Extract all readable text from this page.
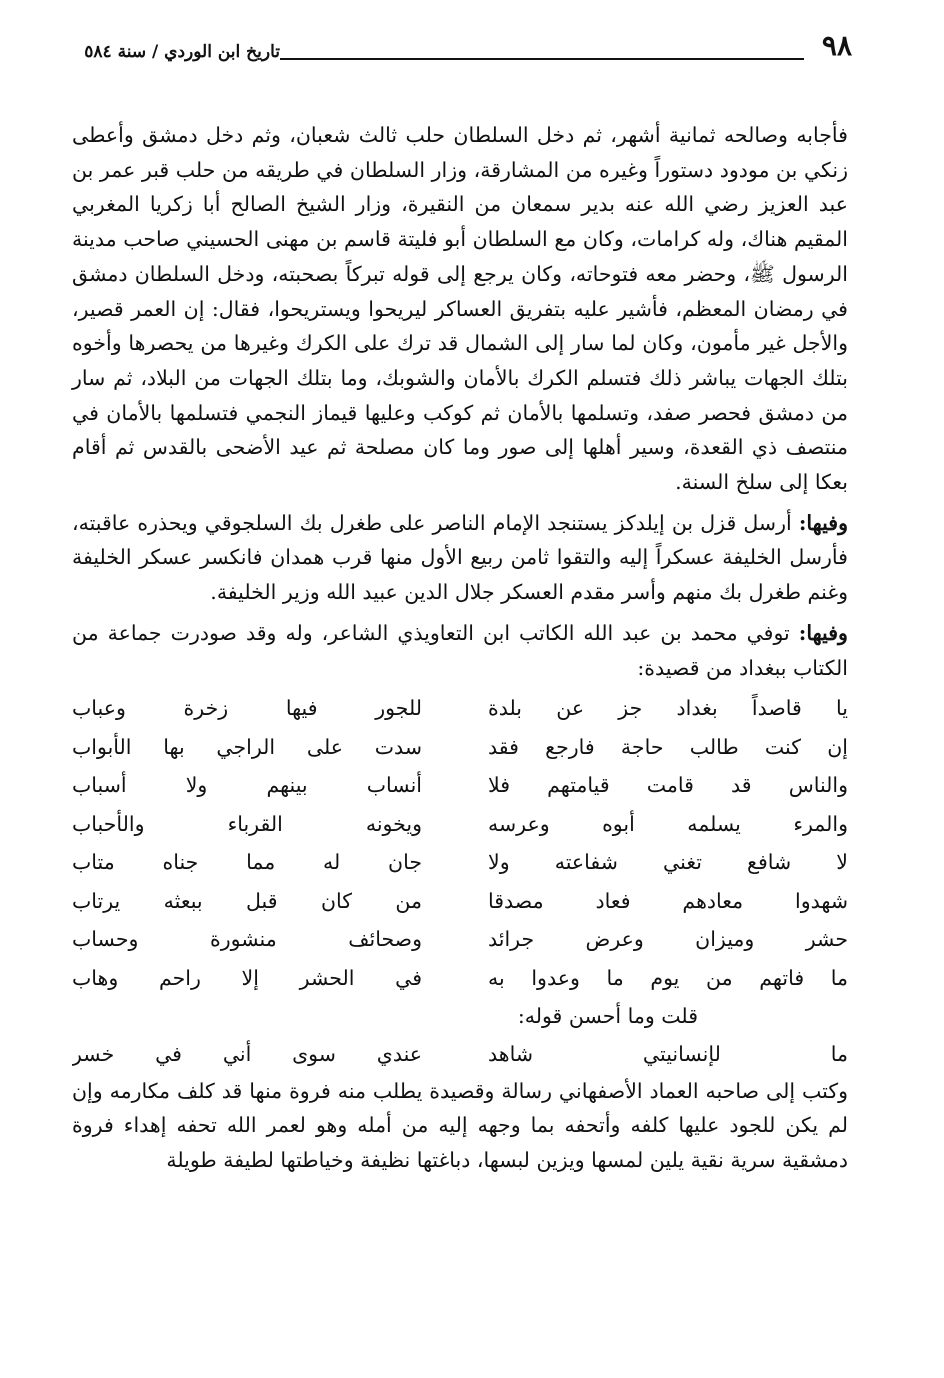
٩٨
تاريخ ابن الوردي / سنة ٥٨٤

فأجابه وصالحه ثمانية أشهر، ثم دخل السلطان حلب ثالث شعبان، وثم دخل دمشق وأعطى زنكي بن مودود دستوراً وغيره من المشارقة، وزار السلطان في طريقه من حلب قبر عمر بن عبد العزيز رضي الله عنه بدير سمعان من النقيرة، وزار الشيخ الصالح أبا زكريا المغربي المقيم هناك، وله كرامات، وكان مع السلطان أبو فليتة قاسم بن مهنى الحسيني صاحب مدينة الرسول ﷺ، وحضر معه فتوحاته، وكان يرجع إلى قوله تبركاً بصحبته، ودخل السلطان دمشق في رمضان المعظم، فأشير عليه بتفريق العساكر ليريحوا ويستريحوا، فقال: إن العمر قصير، والأجل غير مأمون، وكان لما سار إلى الشمال قد ترك على الكرك وغيرها من يحصرها وأخوه بتلك الجهات يباشر ذلك فتسلم الكرك بالأمان والشوبك، وما بتلك الجهات من البلاد، ثم سار من دمشق فحصر صفد، وتسلمها بالأمان ثم كوكب وعليها قيماز النجمي فتسلمها بالأمان في منتصف ذي القعدة، وسير أهلها إلى صور وما كان مصلحة ثم عيد الأضحى بالقدس ثم أقام بعكا إلى سلخ السنة.

وفيها: أرسل قزل بن إيلدكز يستنجد الإمام الناصر على طغرل بك السلجوقي ويحذره عاقبته، فأرسل الخليفة عسكراً إليه والتقوا ثامن ربيع الأول منها قرب همدان فانكسر عسكر الخليفة وغنم طغرل بك منهم وأسر مقدم العسكر جلال الدين عبيد الله وزير الخليفة.

وفيها: توفي محمد بن عبد الله الكاتب ابن التعاويذي الشاعر، وله وقد صودرت جماعة من الكتاب ببغداد من قصيدة:

يا قاصداً بغداد جز عن بلدة
للجور فيها زخرة وعباب
إن كنت طالب حاجة فارجع فقد
سدت على الراجي بها الأبواب
والناس قد قامت قيامتهم فلا
أنساب بينهم ولا أسباب
والمرء يسلمه أبوه وعرسه
ويخونه القرباء والأحباب
لا شافع تغني شفاعته ولا
جان له مما جناه متاب
شهدوا معادهم فعاد مصدقا
من كان قبل ببعثه يرتاب
حشر وميزان وعرض جرائد
وصحائف منشورة وحساب
ما فاتهم من يوم ما وعدوا به
في الحشر إلا راحم وهاب
قلت وما أحسن قوله:
ما لإنسانيتي شاهد
عندي سوى أني في خسر

وكتب إلى صاحبه العماد الأصفهاني رسالة وقصيدة يطلب منه فروة منها قد كلف مكارمه وإن لم يكن للجود عليها كلفه وأتحفه بما وجهه إليه من أمله وهو لعمر الله تحفه إهداء فروة دمشقية سرية نقية يلين لمسها ويزين لبسها، دباغتها نظيفة وخياطتها لطيفة طويلة
